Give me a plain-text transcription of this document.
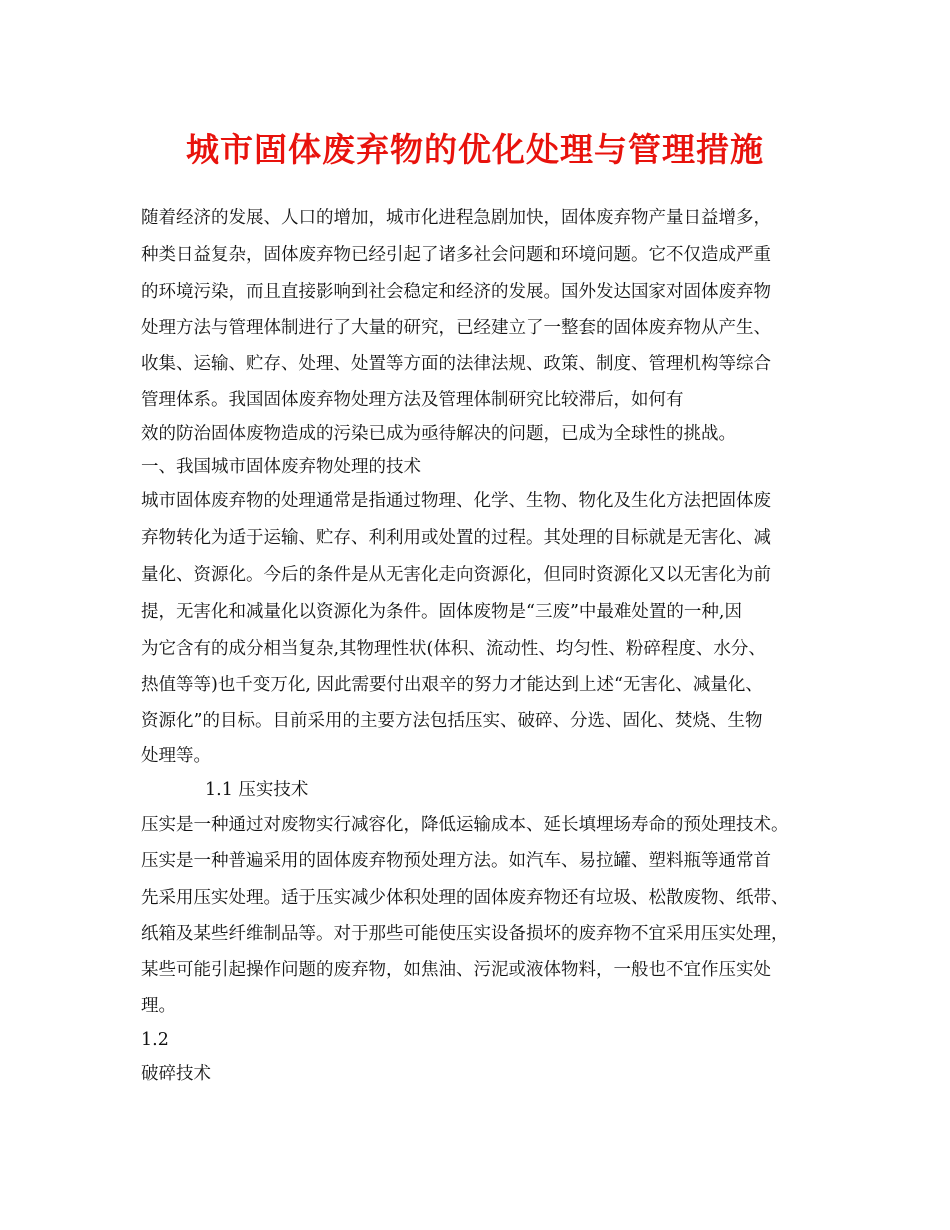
城市固体废弃物的优化处理与管理措施
随着经济的发展、人口的增加，城市化进程急剧加快，固体废弃物产量日益增多，
种类日益复杂，固体废弃物已经引起了诸多社会问题和环境问题。它不仅造成严重
的环境污染，而且直接影响到社会稳定和经济的发展。国外发达国家对固体废弃物
处理方法与管理体制进行了大量的研究，已经建立了一整套的固体废弃物从产生、
收集、运输、贮存、处理、处置等方面的法律法规、政策、制度、管理机构等综合
管理体系。我国固体废弃物处理方法及管理体制研究比较滞后，如何有
效的防治固体废物造成的污染已成为亟待解决的问题，已成为全球性的挑战。
一、我国城市固体废弃物处理的技术
城市固体废弃物的处理通常是指通过物理、化学、生物、物化及生化方法把固体废
弃物转化为适于运输、贮存、利利用或处置的过程。其处理的目标就是无害化、减
量化、资源化。今后的条件是从无害化走向资源化，但同时资源化又以无害化为前
提，无害化和减量化以资源化为条件。固体废物是“三废”中最难处置的一种,因
为它含有的成分相当复杂,其物理性状(体积、流动性、均匀性、粉碎程度、水分、
热值等等)也千变万化, 因此需要付出艰辛的努力才能达到上述“无害化、减量化、
资源化”的目标。目前采用的主要方法包括压实、破碎、分选、固化、焚烧、生物
处理等。
1.1 压实技术
压实是一种通过对废物实行减容化，降低运输成本、延长填埋场寿命的预处理技术。
压实是一种普遍采用的固体废弃物预处理方法。如汽车、易拉罐、塑料瓶等通常首
先采用压实处理。适于压实减少体积处理的固体废弃物还有垃圾、松散废物、纸带、
纸箱及某些纤维制品等。对于那些可能使压实设备损坏的废弃物不宜采用压实处理，
某些可能引起操作问题的废弃物，如焦油、污泥或液体物料，一般也不宜作压实处
理。
1.2
破碎技术
